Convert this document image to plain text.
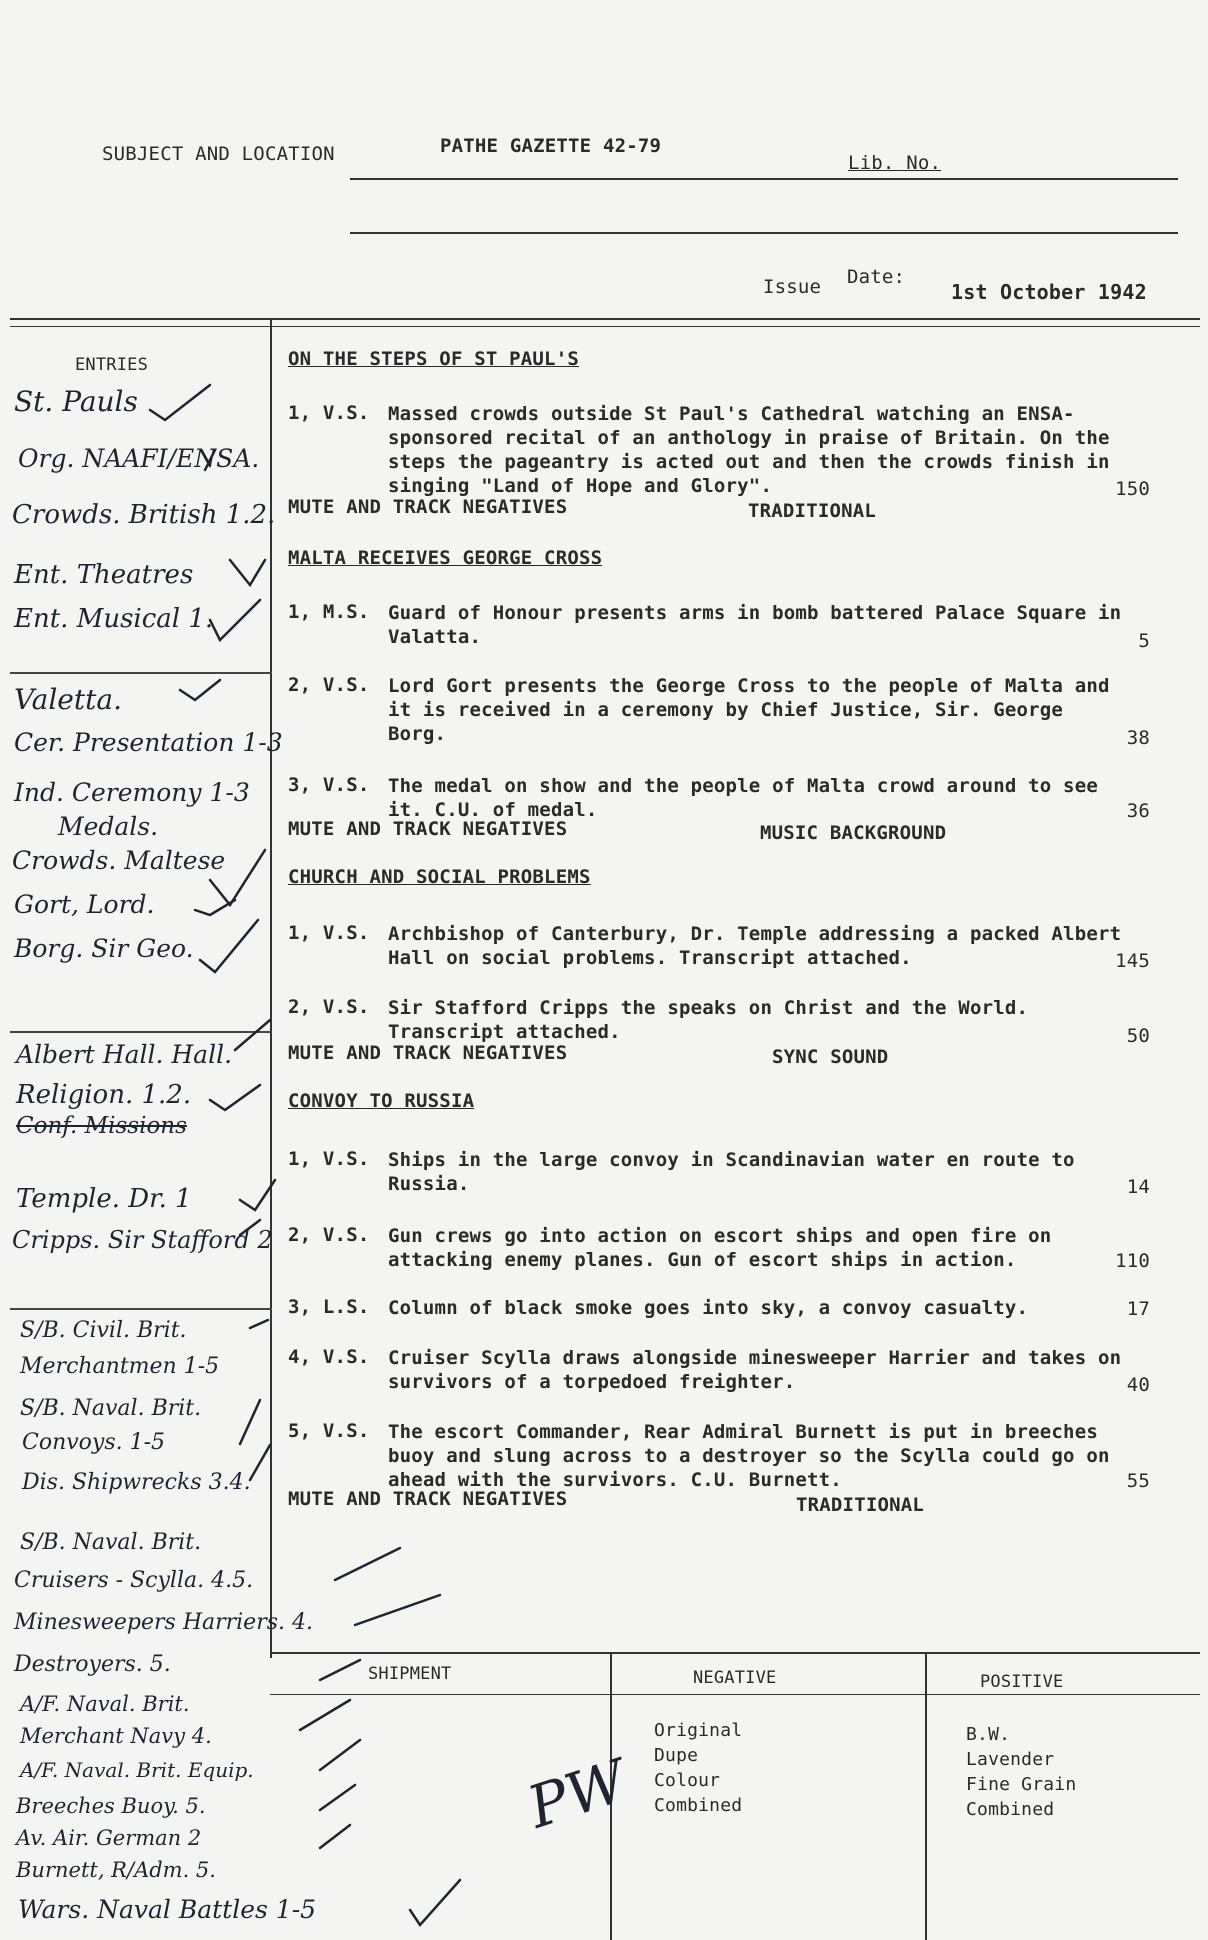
SUBJECT AND LOCATION	PATHE GAZETTE 42-79
Lib. No.
Issue Date:
1st October 1942
ENTRIES	ON THE STEPS OF ST PAUL'S
1, V.S. Massed crowds outside St Paul's Cathedral watching an ENSA-sponsored recital of an anthology in praise of Britain. On the steps the pageantry is acted out and then the crowds finish in singing "Land of Hope and Glory".	150
MUTE AND TRACK NEGATIVES	TRADITIONAL
MALTA RECEIVES GEORGE CROSS
1, M.S. Guard of Honour presents arms in bomb battered Palace Square in Valatta.	5
2, V.S. Lord Gort presents the George Cross to the people of Malta and it is received in a ceremony by Chief Justice, Sir. George Borg.	38
3, V.S. The medal on show and the people of Malta crowd around to see it. C.U. of medal.	36
MUTE AND TRACK NEGATIVES	MUSIC BACKGROUND
CHURCH AND SOCIAL PROBLEMS
1, V.S. Archbishop of Canterbury, Dr. Temple addressing a packed Albert Hall on social problems. Transcript attached.	145
2, V.S. Sir Stafford Cripps the speaks on Christ and the World. Transcript attached.	50
MUTE AND TRACK NEGATIVES	SYNC SOUND
CONVOY TO RUSSIA
1, V.S. Ships in the large convoy in Scandinavian water en route to Russia.	14
2, V.S. Gun crews go into action on escort ships and open fire on attacking enemy planes. Gun of escort ships in action.	110
3, L.S. Column of black smoke goes into sky, a convoy casualty.	17
4, V.S. Cruiser Scylla draws alongside minesweeper Harrier and takes on survivors of a torpedoed freighter.	40
5, V.S. The escort Commander, Rear Admiral Burnett is put in breeches buoy and slung across to a destroyer so the Scylla could go on ahead with the survivors. C.U. Burnett.	55
MUTE AND TRACK NEGATIVES	TRADITIONAL
SHIPMENT	NEGATIVE	POSITIVE
Original
Dupe
Colour
Combined
B.W.
Lavender
Fine Grain
Combined
PW
St. Pauls
Org. NAAFI/ENSA.
Crowds. British 1.2.
Ent. Theatres
Ent. Musical 1.
Valetta.
Cer. Presentation 1-3
Ind. Ceremony 1-3
Medals.
Crowds. Maltese
Gort, Lord.
Borg. Sir Geo.
Albert Hall. Hall.
Religion. 1.2.
Conf. Missions
Temple. Dr. 1
Cripps. Sir Stafford 2
S/B. Civil. Brit.
Merchantmen 1-5
S/B. Naval. Brit.
Convoys. 1-5
Dis. Shipwrecks 3.4.
S/B. Naval. Brit.
Cruisers - Scylla. 4.5.
Minesweepers Harriers. 4.
Destroyers. 5.
A/F. Naval. Brit.
Merchant Navy 4.
A/F. Naval. Brit. Equip.
Breeches Buoy. 5.
Av. Air. German 2
Burnett, R/Adm. 5.
Wars. Naval Battles 1-5
